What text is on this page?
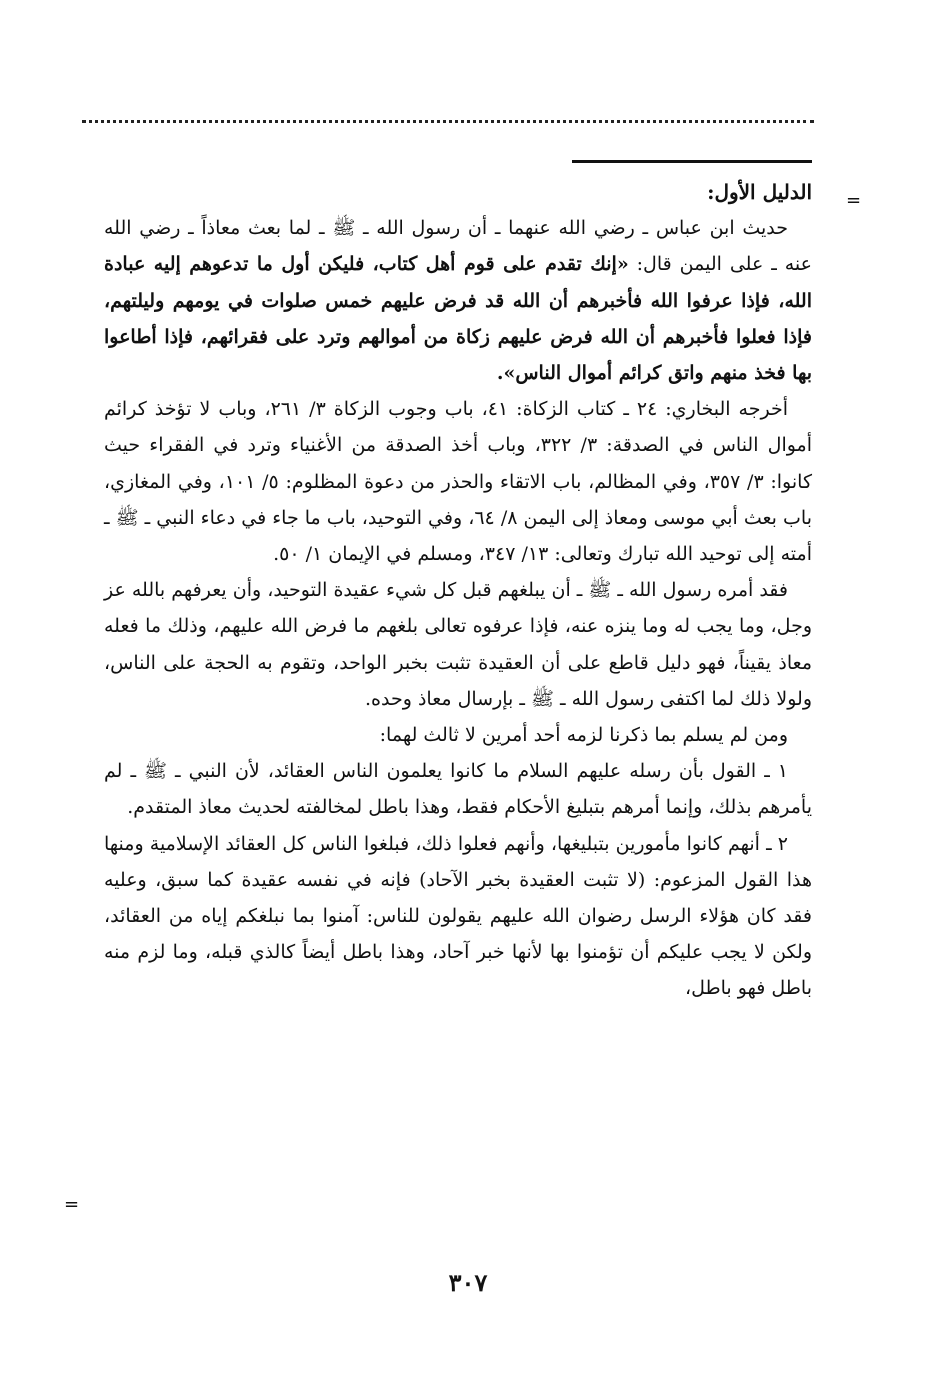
=

الدليل الأول:

حديث ابن عباس ـ رضي الله عنهما ـ أن رسول الله ـ ﷺ ـ لما بعث معاذاً ـ رضي الله عنه ـ على اليمن قال: «إنك تقدم على قوم أهل كتاب، فليكن أول ما تدعوهم إليه عبادة الله، فإذا عرفوا الله فأخبرهم أن الله قد فرض عليهم خمس صلوات في يومهم وليلتهم، فإذا فعلوا فأخبرهم أن الله فرض عليهم زكاة من أموالهم وترد على فقرائهم، فإذا أطاعوا بها فخذ منهم واتق كرائم أموال الناس».

أخرجه البخاري: ٢٤ ـ كتاب الزكاة: ٤١، باب وجوب الزكاة ٣/ ٢٦١، وباب لا تؤخذ كرائم أموال الناس في الصدقة: ٣/ ٣٢٢، وباب أخذ الصدقة من الأغنياء وترد في الفقراء حيث كانوا: ٣/ ٣٥٧، وفي المظالم، باب الاتقاء والحذر من دعوة المظلوم: ٥/ ١٠١، وفي المغازي، باب بعث أبي موسى ومعاذ إلى اليمن ٨/ ٦٤، وفي التوحيد، باب ما جاء في دعاء النبي ـ ﷺ ـ أمته إلى توحيد الله تبارك وتعالى: ١٣/ ٣٤٧، ومسلم في الإيمان ١/ ٥٠.

فقد أمره رسول الله ـ ﷺ ـ أن يبلغهم قبل كل شيء عقيدة التوحيد، وأن يعرفهم بالله عز وجل، وما يجب له وما ينزه عنه، فإذا عرفوه تعالى بلغهم ما فرض الله عليهم، وذلك ما فعله معاذ يقيناً، فهو دليل قاطع على أن العقيدة تثبت بخبر الواحد، وتقوم به الحجة على الناس، ولولا ذلك لما اكتفى رسول الله ـ ﷺ ـ بإرسال معاذ وحده.

ومن لم يسلم بما ذكرنا لزمه أحد أمرين لا ثالث لهما:

١ ـ القول بأن رسله عليهم السلام ما كانوا يعلمون الناس العقائد، لأن النبي ـ ﷺ ـ لم يأمرهم بذلك، وإنما أمرهم بتبليغ الأحكام فقط، وهذا باطل لمخالفته لحديث معاذ المتقدم.

٢ ـ أنهم كانوا مأمورين بتبليغها، وأنهم فعلوا ذلك، فبلغوا الناس كل العقائد الإسلامية ومنها هذا القول المزعوم: (لا تثبت العقيدة بخبر الآحاد) فإنه في نفسه عقيدة كما سبق، وعليه فقد كان هؤلاء الرسل رضوان الله عليهم يقولون للناس: آمنوا بما نبلغكم إياه من العقائد، ولكن لا يجب عليكم أن تؤمنوا بها لأنها خبر آحاد، وهذا باطل أيضاً كالذي قبله، وما لزم منه باطل فهو باطل،

=
٣٠٧
